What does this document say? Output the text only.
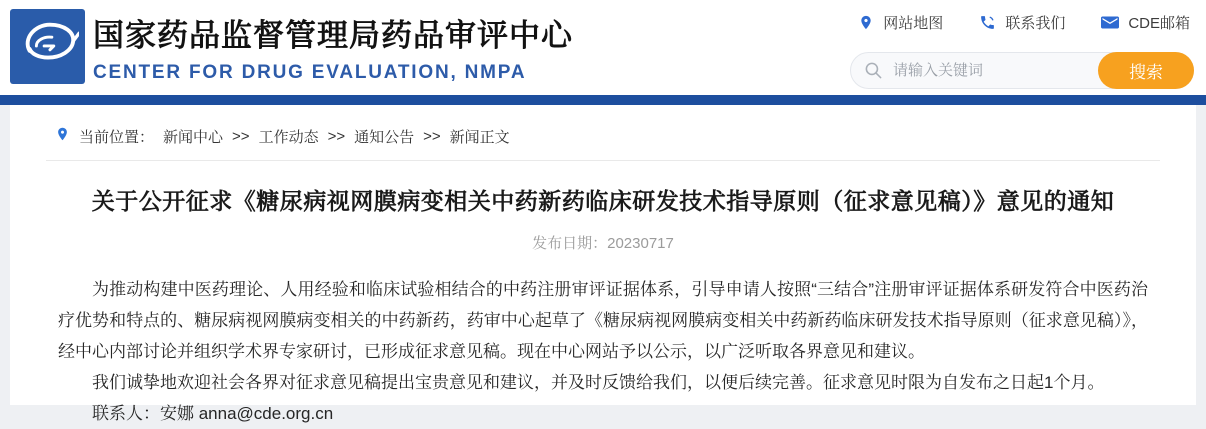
国家药品监督管理局药品审评中心
CENTER FOR DRUG EVALUATION, NMPA
网站地图	联系我们	CDE邮箱
请输入关键词
搜索
当前位置： 新闻中心 >> 工作动态 >> 通知公告 >> 新闻正文
关于公开征求《糖尿病视网膜病变相关中药新药临床研发技术指导原则（征求意见稿）》意见的通知
发布日期：20230717

为推动构建中医药理论、人用经验和临床试验相结合的中药注册审评证据体系，引导申请人按照“三结合”注册审评证据体系研发符合中医药治疗优势和特点的、糖尿病视网膜病变相关的中药新药，药审中心起草了《糖尿病视网膜病变相关中药新药临床研发技术指导原则（征求意见稿）》，经中心内部讨论并组织学术界专家研讨，已形成征求意见稿。现在中心网站予以公示，以广泛听取各界意见和建议。

我们诚挚地欢迎社会各界对征求意见稿提出宝贵意见和建议，并及时反馈给我们，以便后续完善。征求意见时限为自发布之日起1个月。

联系人：安娜 anna@cde.org.cn
